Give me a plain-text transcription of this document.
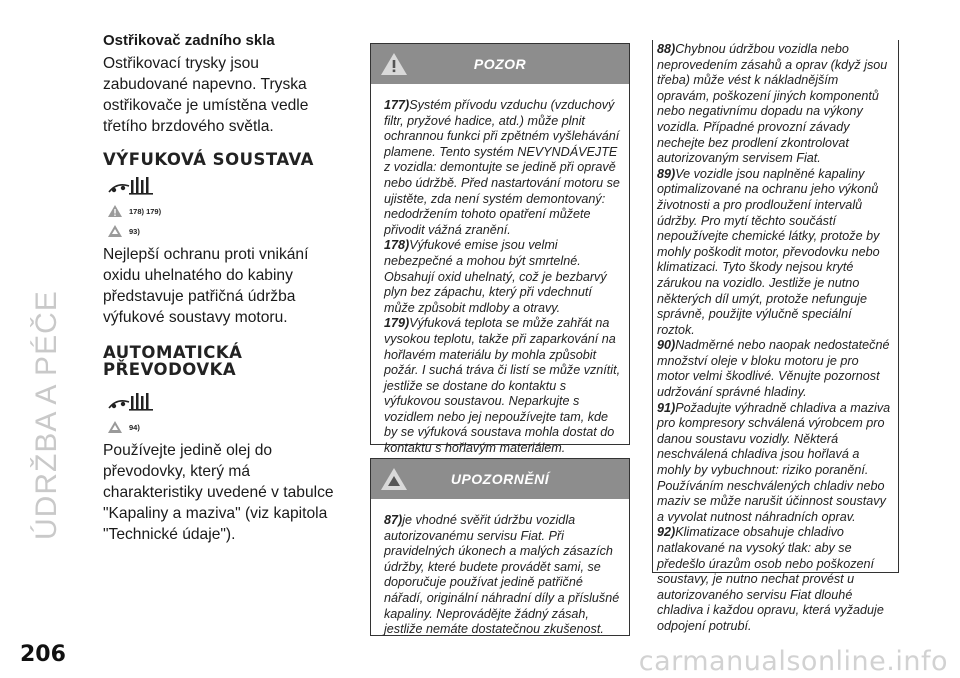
ÚDRŽBA A PÉČE
Ostřikovač zadního skla

Ostřikovací trysky jsou zabudované napevno. Tryska ostřikovače je umístěna vedle třetího brzdového světla.

VÝFUKOVÁ SOUSTAVA
178) 179)
93)

Nejlepší ochranu proti vnikání oxidu uhelnatého do kabiny představuje patřičná údržba výfukové soustavy motoru.

AUTOMATICKÁ
PŘEVODOVKA
94)

Používejte jedině olej do převodovky, který má charakteristiky uvedené v tabulce "Kapaliny a maziva" (viz kapitola "Technické údaje").

POZOR

177)Systém přívodu vzduchu (vzduchový filtr, pryžové hadice, atd.) může plnit ochrannou funkci při zpětném vyšlehávání plamene. Tento systém NEVYNDÁVEJTE z vozidla: demontujte se jedině při opravě nebo údržbě. Před nastartování motoru se ujistěte, zda není systém demontovaný: nedodržením tohoto opatření můžete přivodit vážná zranění.

178)Výfukové emise jsou velmi nebezpečné a mohou být smrtelné. Obsahují oxid uhelnatý, což je bezbarvý plyn bez zápachu, který při vdechnutí může způsobit mdloby a otravy.

179)Výfuková teplota se může zahřát na vysokou teplotu, takže při zaparkování na hořlavém materiálu by mohla způsobit požár. I suchá tráva či listí se může vznítit, jestliže se dostane do kontaktu s výfukovou soustavou. Neparkujte s vozidlem nebo jej nepoužívejte tam, kde by se výfuková soustava mohla dostat do kontaktu s hořlavým materiálem.

UPOZORNĚNÍ

87)je vhodné svěřit údržbu vozidla autorizovanému servisu Fiat. Při pravidelných úkonech a malých zásazích údržby, které budete provádět sami, se doporučuje používat jedině patřičné nářadí, originální náhradní díly a příslušné kapaliny. Neprovádějte žádný zásah, jestliže nemáte dostatečnou zkušenost.

88)Chybnou údržbou vozidla nebo neprovedením zásahů a oprav (když jsou třeba) může vést k nákladnějším opravám, poškození jiných komponentů nebo negativnímu dopadu na výkony vozidla. Případné provozní závady nechejte bez prodlení zkontrolovat autorizovaným servisem Fiat.

89)Ve vozidle jsou naplněné kapaliny optimalizované na ochranu jeho výkonů životnosti a pro prodloužení intervalů údržby. Pro mytí těchto součástí nepoužívejte chemické látky, protože by mohly poškodit motor, převodovku nebo klimatizaci. Tyto škody nejsou kryté zárukou na vozidlo. Jestliže je nutno některých díl umýt, protože nefunguje správně, použijte výlučně speciální roztok.

90)Nadměrné nebo naopak nedostatečné množství oleje v bloku motoru je pro motor velmi škodlivé. Věnujte pozornost udržování správné hladiny.

91)Požadujte výhradně chladiva a maziva pro kompresory schválená výrobcem pro danou soustavu vozidly. Některá neschválená chladiva jsou hořlavá a mohly by vybuchnout: riziko poranění. Používáním neschválených chladiv nebo maziv se může narušit účinnost soustavy a vyvolat nutnost náhradních oprav.

92)Klimatizace obsahuje chladivo natlakované na vysoký tlak: aby se předešlo úrazům osob nebo poškození soustavy, je nutno nechat provést u autorizovaného servisu Fiat dlouhé chladiva i každou opravu, která vyžaduje odpojení potrubí.

206	carmanualsonline.info
